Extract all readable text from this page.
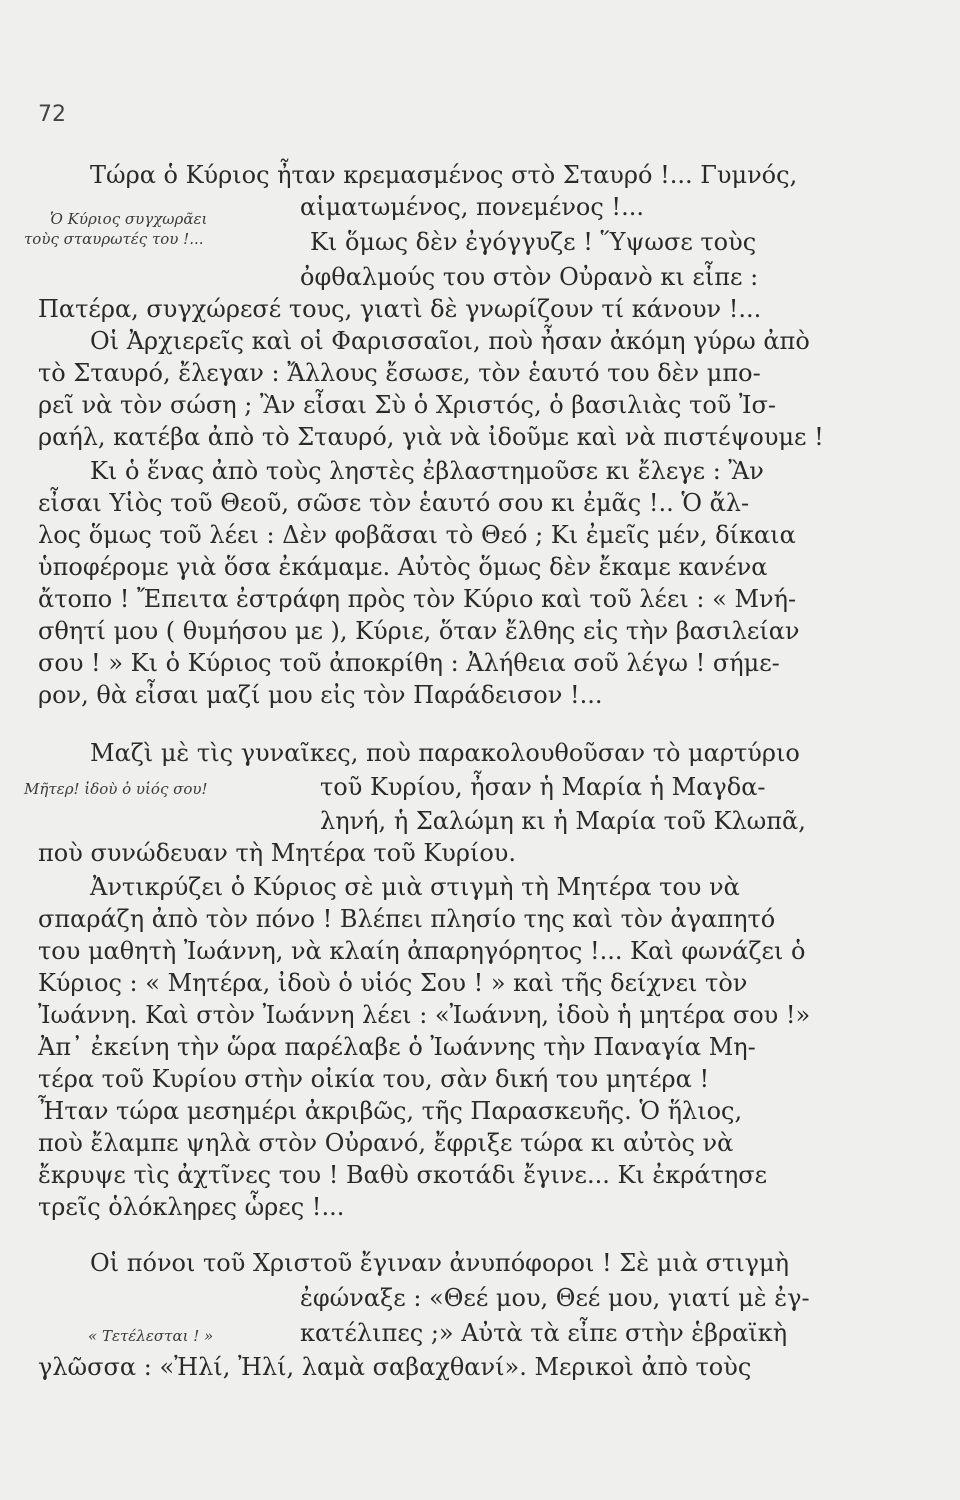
72
Ὁ Κύριος συγχωρᾶει
τοὺς σταυρωτές του !...
Μῆτερ! ἰδοὺ ὁ υἱός σου!
« Τετέλεσται ! »
Τώρα ὁ Κύριος ἦταν κρεμασμένος στὸ Σταυρό !... Γυμνός,
αἱματωμένος, πονεμένος !...
Κι ὅμως δὲν ἐγόγγυζε ! Ὕψωσε τοὺς
ὀφθαλμούς του στὸν Οὐρανὸ κι εἶπε :
Πατέρα, συγχώρεσέ τους, γιατὶ δὲ γνωρίζουν τί κάνουν !...
Οἱ Ἀρχιερεῖς καὶ οἱ Φαρισσαῖοι, ποὺ ἦσαν ἀκόμη γύρω ἀπὸ
τὸ Σταυρό, ἔλεγαν : Ἄλλους ἔσωσε, τὸν ἑαυτό του δὲν μπο-
ρεῖ νὰ τὸν σώση ; Ἂν εἶσαι Σὺ ὁ Χριστός, ὁ βασιλιὰς τοῦ Ἰσ-
ραήλ, κατέβα ἀπὸ τὸ Σταυρό, γιὰ νὰ ἰδοῦμε καὶ νὰ πιστέψουμε !
Κι ὁ ἕνας ἀπὸ τοὺς ληστὲς ἐβλαστημοῦσε κι ἔλεγε : Ἂν
εἶσαι Υἱὸς τοῦ Θεοῦ, σῶσε τὸν ἑαυτό σου κι ἐμᾶς !.. Ὁ ἄλ-
λος ὅμως τοῦ λέει : Δὲν φοβᾶσαι τὸ Θεό ; Κι ἐμεῖς μέν, δίκαια
ὑποφέρομε γιὰ ὅσα ἐκάμαμε. Αὐτὸς ὅμως δὲν ἔκαμε κανένα
ἄτοπο ! Ἔπειτα ἐστράφη πρὸς τὸν Κύριο καὶ τοῦ λέει : « Μνή-
σθητί μου ( θυμήσου με ), Κύριε, ὅταν ἔλθης εἰς τὴν βασιλείαν
σου ! » Κι ὁ Κύριος τοῦ ἀποκρίθη : Ἀλήθεια σοῦ λέγω ! σήμε-
ρον, θὰ εἶσαι μαζί μου εἰς τὸν Παράδεισον !...
Μαζὶ μὲ τὶς γυναῖκες, ποὺ παρακολουθοῦσαν τὸ μαρτύριο
τοῦ Κυρίου, ἦσαν ἡ Μαρία ἡ Μαγδα-
ληνή, ἡ Σαλώμη κι ἡ Μαρία τοῦ Κλωπᾶ,
ποὺ συνώδευαν τὴ Μητέρα τοῦ Κυρίου.
Ἀντικρύζει ὁ Κύριος σὲ μιὰ στιγμὴ τὴ Μητέρα του νὰ
σπαράζη ἀπὸ τὸν πόνο ! Βλέπει πλησίο της καὶ τὸν ἀγαπητό
του μαθητὴ Ἰωάννη, νὰ κλαίη ἀπαρηγόρητος !... Καὶ φωνάζει ὁ
Κύριος : « Μητέρα, ἰδοὺ ὁ υἱός Σου ! » καὶ τῆς δείχνει τὸν
Ἰωάννη. Καὶ στὸν Ἰωάννη λέει : «Ἰωάννη, ἰδοὺ ἡ μητέρα σου !»
Ἀπ᾽ ἐκείνη τὴν ὥρα παρέλαβε ὁ Ἰωάννης τὴν Παναγία Μη-
τέρα τοῦ Κυρίου στὴν οἰκία του, σὰν δική του μητέρα !
Ἦταν τώρα μεσημέρι ἀκριβῶς, τῆς Παρασκευῆς. Ὁ ἥλιος,
ποὺ ἔλαμπε ψηλὰ στὸν Οὐρανό, ἔφριξε τώρα κι αὐτὸς νὰ
ἔκρυψε τὶς ἀχτῖνες του ! Βαθὺ σκοτάδι ἔγινε... Κι ἐκράτησε
τρεῖς ὁλόκληρες ὧρες !...
Οἱ πόνοι τοῦ Χριστοῦ ἔγιναν ἀνυπόφοροι ! Σὲ μιὰ στιγμὴ
ἐφώναξε : «Θεέ μου, Θεέ μου, γιατί μὲ ἐγ-
κατέλιπες ;» Αὐτὰ τὰ εἶπε στὴν ἑβραϊκὴ
γλῶσσα : «Ἠλί, Ἠλί, λαμὰ σαβαχθανί». Μερικοὶ ἀπὸ τοὺς
